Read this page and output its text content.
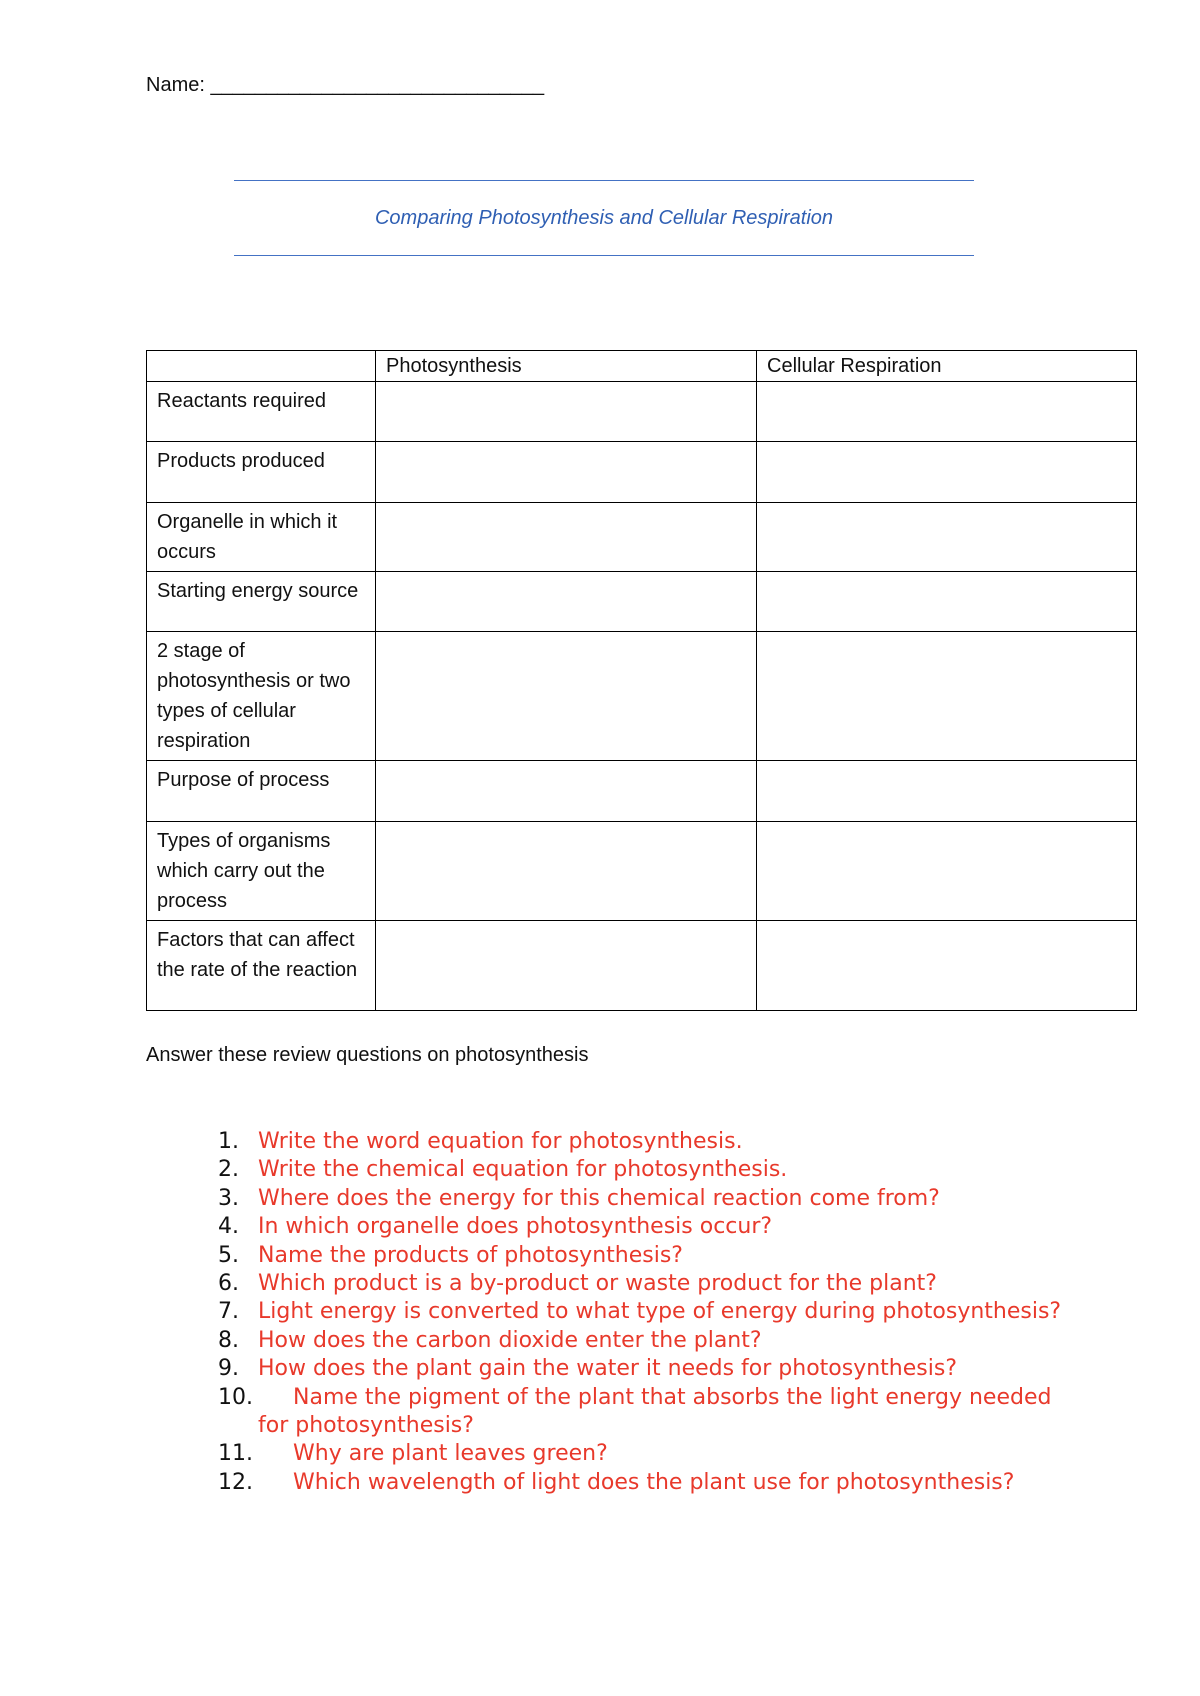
Name: ______________________________
Comparing Photosynthesis and Cellular Respiration
	Photosynthesis	Cellular Respiration
Reactants required		
Products produced		
Organelle in which it occurs		
Starting energy source		
2 stage of photosynthesis or two types of cellular respiration		
Purpose of process		
Types of organisms which carry out the process		
Factors that can affect the rate of the reaction		
Answer these review questions on photosynthesis
1. Write the word equation for photosynthesis.
2. Write the chemical equation for photosynthesis.
3. Where does the energy for this chemical reaction come from?
4. In which organelle does photosynthesis occur?
5. Name the products of photosynthesis?
6. Which product is a by-product or waste product for the plant?
7. Light energy is converted to what type of energy during photosynthesis?
8. How does the carbon dioxide enter the plant?
9. How does the plant gain the water it needs for photosynthesis?
10.	Name the pigment of the plant that absorbs the light energy needed for photosynthesis?
11.	Why are plant leaves green?
12.	Which wavelength of light does the plant use for photosynthesis?
